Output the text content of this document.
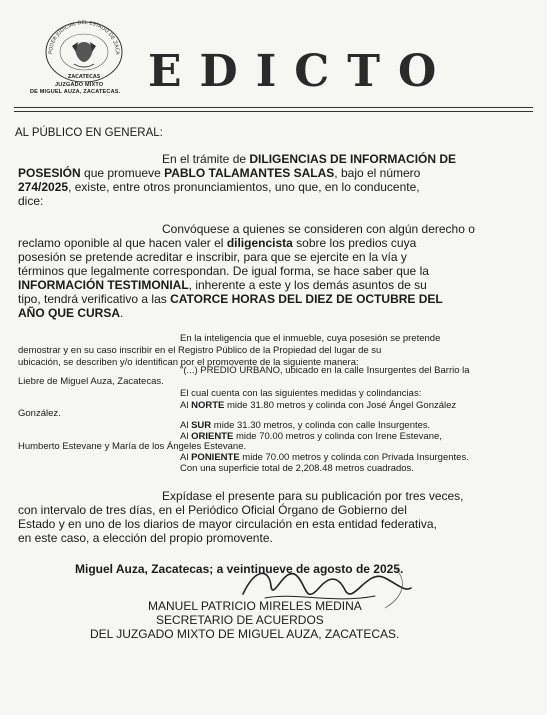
PODER JUDICIAL DEL ESTADO DE ZACA
ZACATECAS
JUZGADO MIXTO
DE MIGUEL AUZA, ZACATECAS. EDICTO
AL PÚBLICO EN GENERAL:
En el trámite de DILIGENCIAS DE INFORMACIÓN DE
POSESIÓN que promueve PABLO TALAMANTES SALAS, bajo el número
274/2025, existe, entre otros pronunciamientos, uno que, en lo conducente,
dice:
Convóquese a quienes se consideren con algún derecho o
reclamo oponible al que hacen valer el diligencista sobre los predios cuya
posesión se pretende acreditar e inscribir, para que se ejercite en la vía y
términos que legalmente correspondan. De igual forma, se hace saber que la
INFORMACIÓN TESTIMONIAL, inherente a este y los demás asuntos de su
tipo, tendrá verificativo a las CATORCE HORAS DEL DIEZ DE OCTUBRE DEL
AÑO QUE CURSA.
En la inteligencia que el inmueble, cuya posesión se pretende
demostrar y en su caso inscribir en el Registro Público de la Propiedad del lugar de su
ubicación, se describen y/o identifican por el promovente de la siguiente manera:
"(...) PREDIO URBANO, ubicado en la calle Insurgentes del Barrio la
Liebre de Miguel Auza, Zacatecas.
El cual cuenta con las siguientes medidas y colindancias:
Al NORTE mide 31.80 metros y colinda con José Ángel González
González.
Al SUR mide 31.30 metros, y colinda con calle Insurgentes.
Al ORIENTE mide 70.00 metros y colinda con Irene Estevane,
Humberto Estevane y María de los Ángeles Estevane.
Al PONIENTE mide 70.00 metros y colinda con Privada Insurgentes.
Con una superficie total de 2,208.48 metros cuadrados.
Expídase el presente para su publicación por tres veces,
con intervalo de tres días, en el Periódico Oficial Órgano de Gobierno del
Estado y en uno de los diarios de mayor circulación en esta entidad federativa,
en este caso, a elección del propio promovente.
Miguel Auza, Zacatecas; a veintinueve de agosto de 2025.
MANUEL PATRICIO MIRELES MEDINA
SECRETARIO DE ACUERDOS
DEL JUZGADO MIXTO DE MIGUEL AUZA, ZACATECAS.
